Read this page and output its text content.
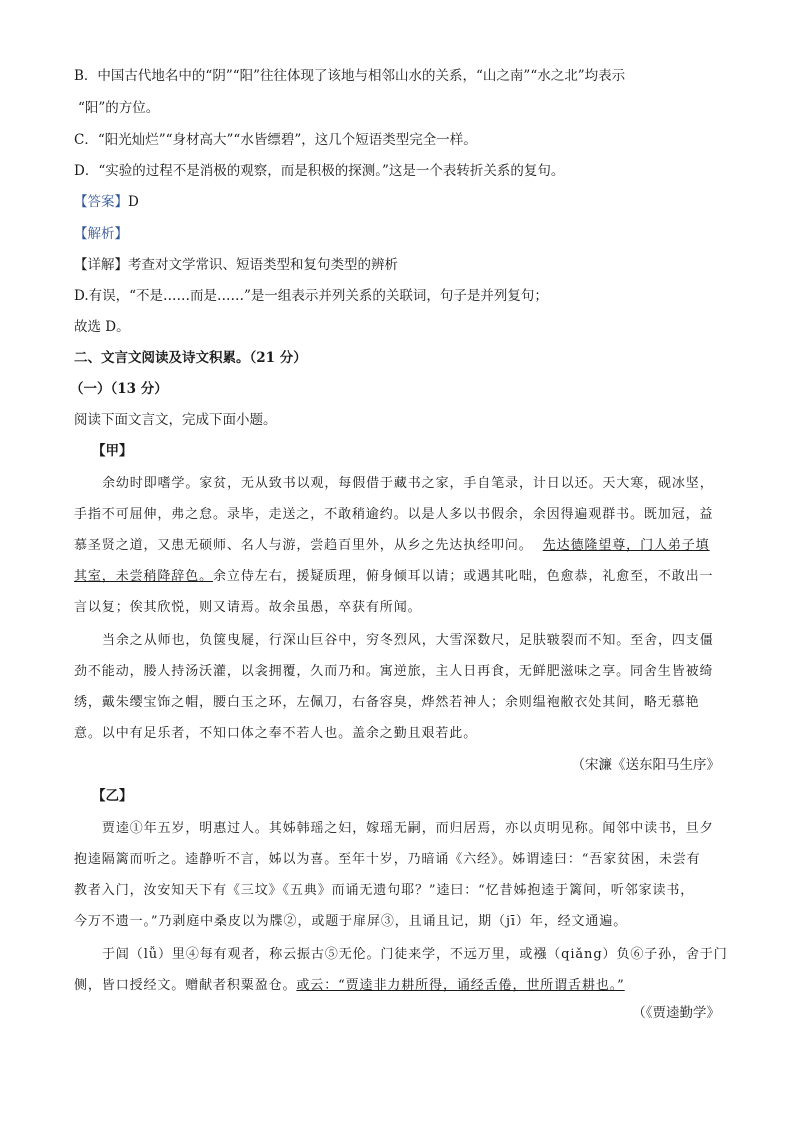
B．中国古代地名中的“阴”“阳”往往体现了该地与相邻山水的关系，“山之南”“水之北”均表示
“阳”的方位。
C．“阳光灿烂”“身材高大”“水皆缥碧”，这几个短语类型完全一样。
D．“实验的过程不是消极的观察，而是积极的探测。”这是一个表转折关系的复句。
【答案】D
【解析】
【详解】考查对文学常识、短语类型和复句类型的辨析
D.有误，“不是……而是……”是一组表示并列关系的关联词，句子是并列复句；
故选 D。
二、文言文阅读及诗文积累。（21 分）
（一）（13 分）
阅读下面文言文，完成下面小题。
【甲】
余幼时即嗜学。家贫，无从致书以观，每假借于藏书之家，手自笔录，计日以还。天大寒，砚冰坚，
手指不可屈伸，弗之怠。录毕，走送之，不敢稍逾约。以是人多以书假余，余因得遍观群书。既加冠，益
慕圣贤之道，又患无硕师、名人与游，尝趋百里外，从乡之先达执经叩问。 先达德隆望尊，门人弟子填
其室，未尝稍降辞色。余立侍左右，援疑质理，俯身倾耳以请；或遇其叱咄，色愈恭，礼愈至，不敢出一
言以复；俟其欣悦，则又请焉。故余虽愚，卒获有所闻。
当余之从师也，负箧曳屣，行深山巨谷中，穷冬烈风，大雪深数尺，足肤皲裂而不知。至舍，四支僵
劲不能动，媵人持汤沃灌，以衾拥覆，久而乃和。寓逆旅，主人日再食，无鲜肥滋味之享。同舍生皆被绮
绣，戴朱缨宝饰之帽，腰白玉之环，左佩刀，右备容臭，烨然若神人；余则缊袍敝衣处其间，略无慕艳
意。以中有足乐者，不知口体之奉不若人也。盖余之勤且艰若此。
（宋濂《送东阳马生序》
【乙】
贾逵①年五岁，明惠过人。其姊韩瑶之妇，嫁瑶无嗣，而归居焉，亦以贞明见称。闻邻中读书，旦夕
抱逵隔篱而听之。逵静听不言，姊以为喜。至年十岁，乃暗诵《六经》。姊谓逵曰：“吾家贫困，未尝有
教者入门，汝安知天下有《三坟》《五典》而诵无遗句耶？”逵曰：“忆昔姊抱逵于篱间，听邻家读书，
今万不遗一。”乃剥庭中桑皮以为牒②，或题于扉屏③，且诵且记，期（jī）年，经文通遍。
于闾（lǚ）里④每有观者，称云振古⑤无伦。门徒来学，不远万里，或襁（qiǎng）负⑥子孙，舍于门
侧，皆口授经文。赠献者积粟盈仓。或云：“贾逵非力耕所得，诵经舌倦，世所谓舌耕也。”
（《贾逵勤学》
